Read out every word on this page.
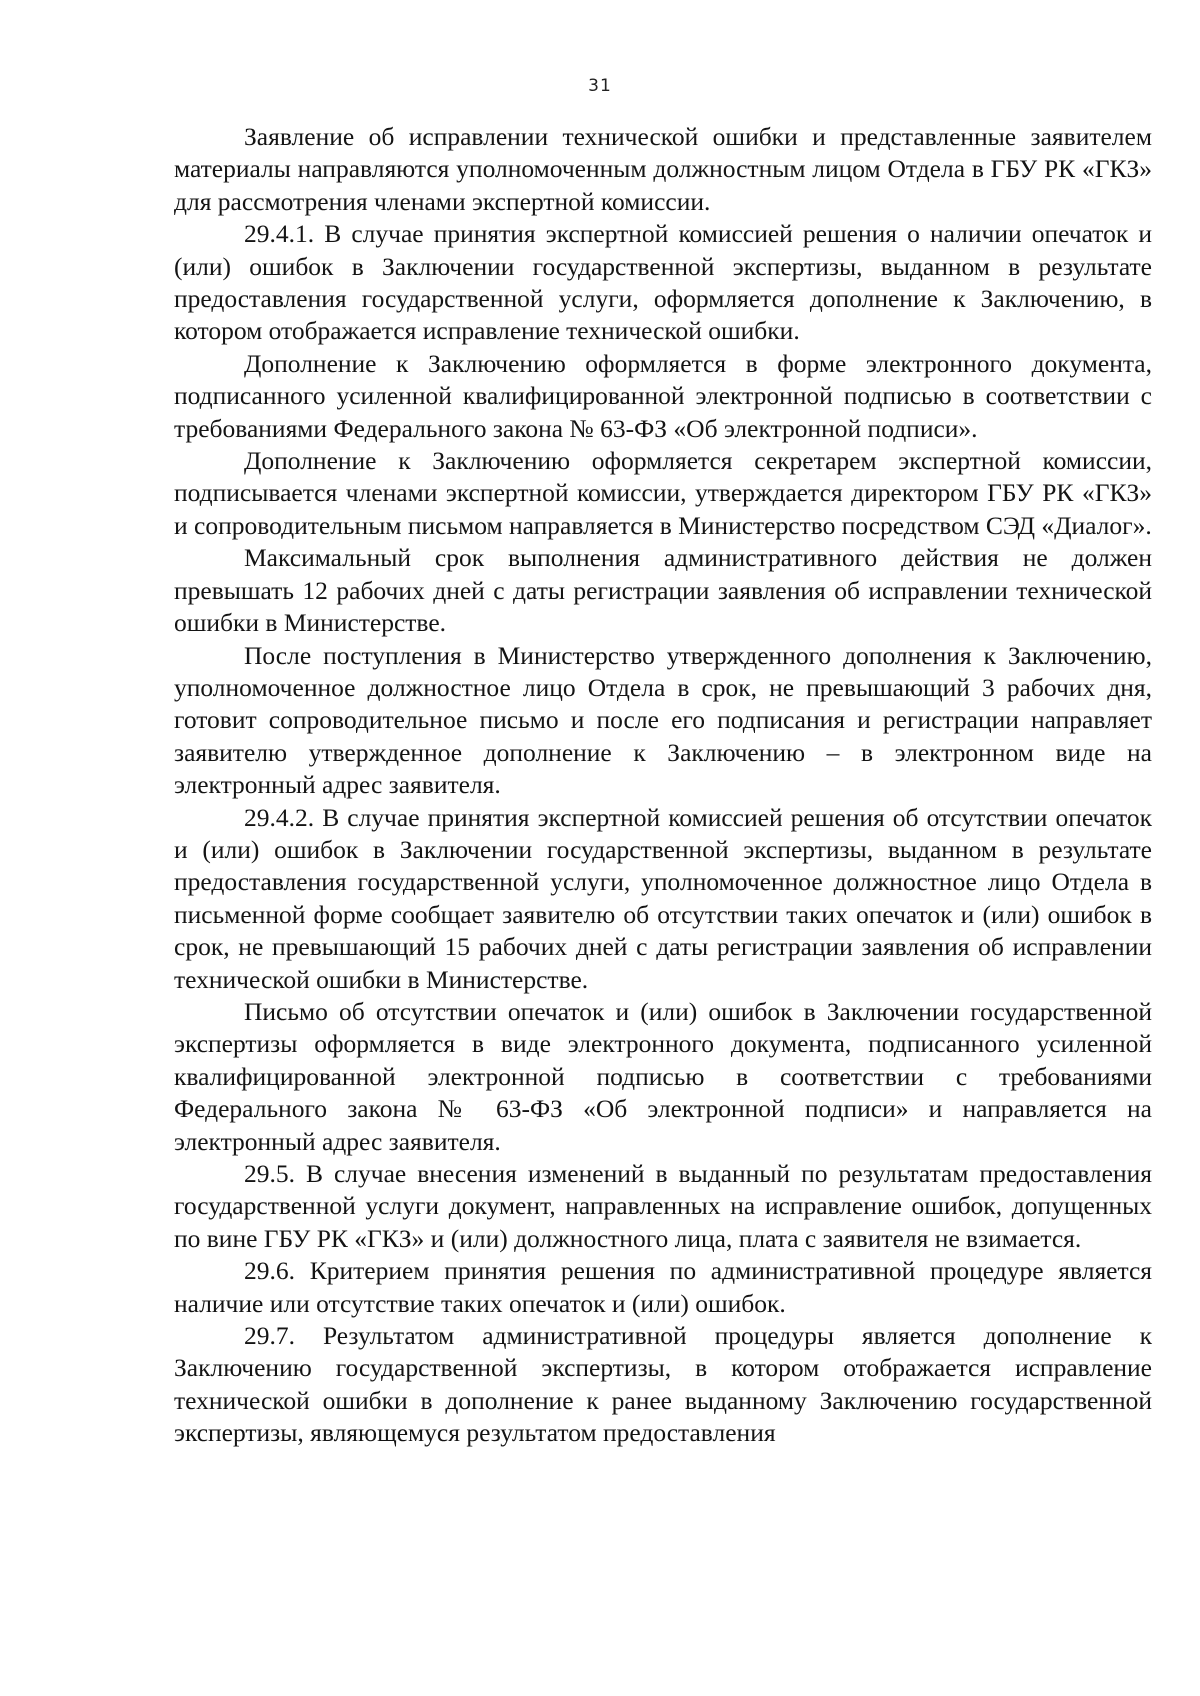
31

Заявление об исправлении технической ошибки и представленные заявителем материалы направляются уполномоченным должностным лицом Отдела в ГБУ РК «ГКЗ» для рассмотрения членами экспертной комиссии.

29.4.1. В случае принятия экспертной комиссией решения о наличии опечаток и (или) ошибок в Заключении государственной экспертизы, выданном в результате предоставления государственной услуги, оформляется дополнение к Заключению, в котором отображается исправление технической ошибки.

Дополнение к Заключению оформляется в форме электронного документа, подписанного усиленной квалифицированной электронной подписью в соответствии с требованиями Федерального закона № 63-ФЗ «Об электронной подписи».

Дополнение к Заключению оформляется секретарем экспертной комиссии, подписывается членами экспертной комиссии, утверждается директором ГБУ РК «ГКЗ» и сопроводительным письмом направляется в Министерство посредством СЭД «Диалог».

Максимальный срок выполнения административного действия не должен превышать 12 рабочих дней с даты регистрации заявления об исправлении технической ошибки в Министерстве.

После поступления в Министерство утвержденного дополнения к Заключению, уполномоченное должностное лицо Отдела в срок, не превышающий 3 рабочих дня, готовит сопроводительное письмо и после его подписания и регистрации направляет заявителю утвержденное дополнение к Заключению – в электронном виде на электронный адрес заявителя.

29.4.2. В случае принятия экспертной комиссией решения об отсутствии опечаток и (или) ошибок в Заключении государственной экспертизы, выданном в результате предоставления государственной услуги, уполномоченное должностное лицо Отдела в письменной форме сообщает заявителю об отсутствии таких опечаток и (или) ошибок в срок, не превышающий 15 рабочих дней с даты регистрации заявления об исправлении технической ошибки в Министерстве.

Письмо об отсутствии опечаток и (или) ошибок в Заключении государственной экспертизы оформляется в виде электронного документа, подписанного усиленной квалифицированной электронной подписью в соответствии с требованиями Федерального закона № 63-ФЗ «Об электронной подписи» и направляется на электронный адрес заявителя.

29.5. В случае внесения изменений в выданный по результатам предоставления государственной услуги документ, направленных на исправление ошибок, допущенных по вине ГБУ РК «ГКЗ» и (или) должностного лица, плата с заявителя не взимается.

29.6. Критерием принятия решения по административной процедуре является наличие или отсутствие таких опечаток и (или) ошибок.

29.7. Результатом административной процедуры является дополнение к Заключению государственной экспертизы, в котором отображается исправление технической ошибки в дополнение к ранее выданному Заключению государственной экспертизы, являющемуся результатом предоставления
